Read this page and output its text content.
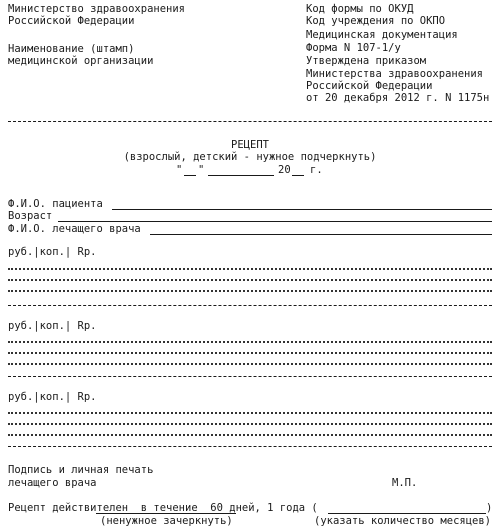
Министерство здравоохранения
Российской Федерации
Наименование (штамп)
медицинской организации
Код формы по ОКУД
Код учреждения по ОКПО
Медицинская документация
Форма N 107-1/у
Утверждена приказом
Министерства здравоохранения
Российской Федерации
от 20 декабря 2012 г. N 1175н
РЕЦЕПТ
(взрослый, детский - нужное подчеркнуть)
" "	20 г.
Ф.И.О. пациента
Возраст
Ф.И.О. лечащего врача
руб.|коп.| Rp.
руб.|коп.| Rp.
руб.|коп.| Rp.
Подпись и личная печать
лечащего врача	М.П.
Рецепт действителен  в течение  60 дней, 1 года (	)
(ненужное зачеркнуть)	(указать количество месяцев)
